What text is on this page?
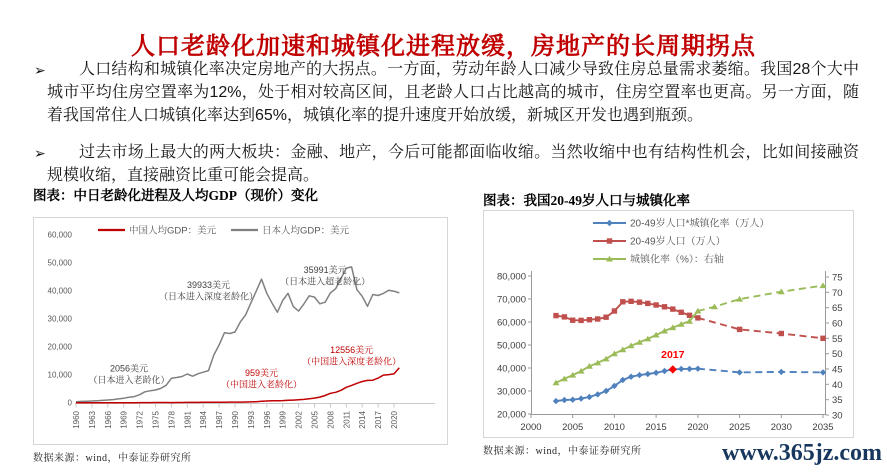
人口老龄化加速和城镇化进程放缓，房地产的长周期拐点
➢	人口结构和城镇化率决定房地产的大拐点。一方面，劳动年龄人口减少导致住房总量需求萎缩。我国28个大中城市平均住房空置率为12%，处于相对较高区间，且老龄人口占比越高的城市，住房空置率也更高。另一方面，随着我国常住人口城镇化率达到65%，城镇化率的提升速度开始放缓，新城区开发也遇到瓶颈。

➢	过去市场上最大的两大板块：金融、地产，今后可能都面临收缩。当然收缩中也有结构性机会，比如间接融资规模收缩，直接融资比重可能会提高。

图表：中日老龄化进程及人均GDP（现价）变化
0
10,000
20,000
30,000
40,000
50,000
60,000
1960 1963 1966 1969 1972 1975 1978 1981 1984 1987 1990 1993 1996 1999 2002 2005 2008 2011 2014 2017 2020
2056美元
（日本进入老龄化）
39933美元
（日本进入深度老龄化）
35991美元
（日本进入超老龄化）
959美元
（中国进入老龄化）
12556美元
（中国进入深度老龄化）
中国人均GDP：美元	日本人均GDP：美元
数据来源：wind，中泰证券研究所
图表：我国20-49岁人口与城镇化率
20,000
30,000
40,000
50,000
60,000
70,000
80,000
30
35
40
45
50
55
60
65
70
75
2000 2005 2010 2015 2020 2025 2030 2035
2017
20-49岁人口*城镇化率（万人）
20-49岁人口（万人）
城镇化率（%）：右轴
数据来源：wind，中泰证券研究所	www.365jz.com
